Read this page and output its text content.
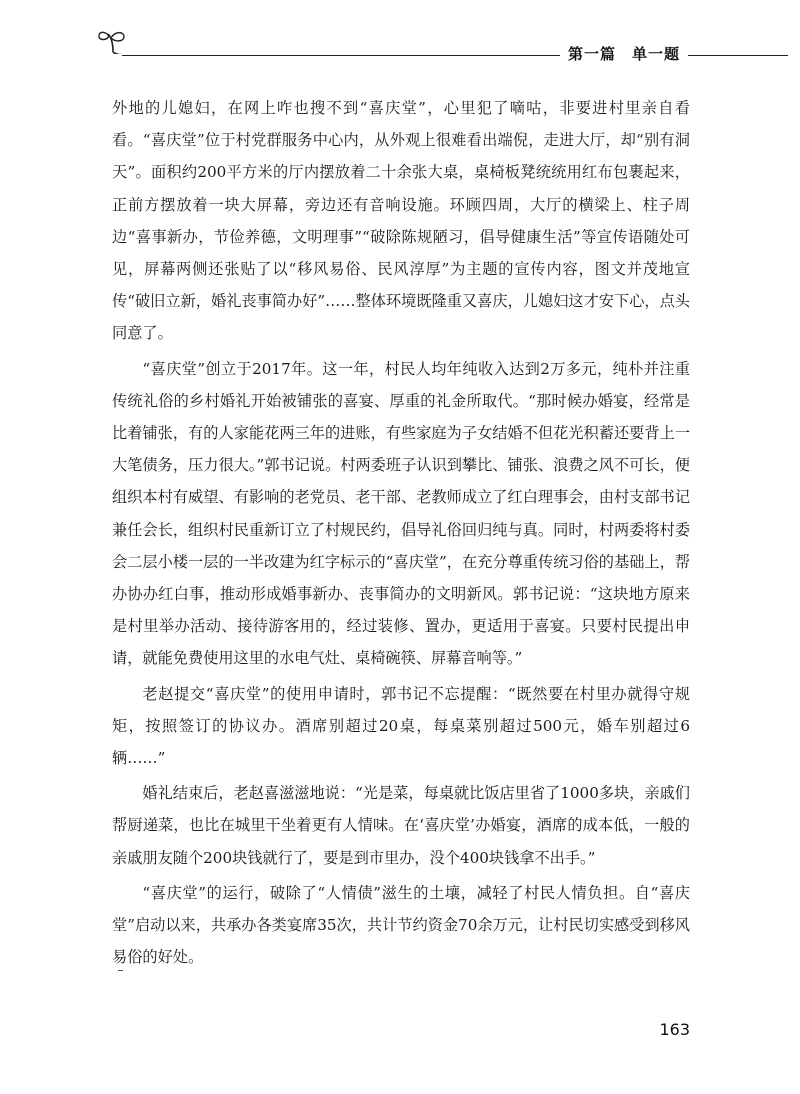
第一篇 单一题

外地的儿媳妇，在网上咋也搜不到“喜庆堂”，心里犯了嘀咕，非要进村里亲自看看。“喜庆堂”位于村党群服务中心内，从外观上很难看出端倪，走进大厅，却“别有洞天”。面积约200平方米的厅内摆放着二十余张大桌，桌椅板凳统统用红布包裹起来，正前方摆放着一块大屏幕，旁边还有音响设施。环顾四周，大厅的横梁上、柱子周边“喜事新办，节俭养德，文明理事”“破除陈规陋习，倡导健康生活”等宣传语随处可见，屏幕两侧还张贴了以“移风易俗、民风淳厚”为主题的宣传内容，图文并茂地宣传“破旧立新，婚礼丧事简办好”……整体环境既隆重又喜庆，儿媳妇这才安下心，点头同意了。

“喜庆堂”创立于2017年。这一年，村民人均年纯收入达到2万多元，纯朴并注重传统礼俗的乡村婚礼开始被铺张的喜宴、厚重的礼金所取代。“那时候办婚宴，经常是比着铺张，有的人家能花两三年的进账，有些家庭为子女结婚不但花光积蓄还要背上一大笔债务，压力很大。”郭书记说。村两委班子认识到攀比、铺张、浪费之风不可长，便组织本村有威望、有影响的老党员、老干部、老教师成立了红白理事会，由村支部书记兼任会长，组织村民重新订立了村规民约，倡导礼俗回归纯与真。同时，村两委将村委会二层小楼一层的一半改建为红字标示的“喜庆堂”，在充分尊重传统习俗的基础上，帮办协办红白事，推动形成婚事新办、丧事简办的文明新风。郭书记说：“这块地方原来是村里举办活动、接待游客用的，经过装修、置办，更适用于喜宴。只要村民提出申请，就能免费使用这里的水电气灶、桌椅碗筷、屏幕音响等。”

老赵提交“喜庆堂”的使用申请时，郭书记不忘提醒：“既然要在村里办就得守规矩，按照签订的协议办。酒席别超过20桌，每桌菜别超过500元，婚车别超过6辆……”

婚礼结束后，老赵喜滋滋地说：“光是菜，每桌就比饭店里省了1000多块，亲戚们帮厨递菜，也比在城里干坐着更有人情味。在‘喜庆堂’办婚宴，酒席的成本低，一般的亲戚朋友随个200块钱就行了，要是到市里办，没个400块钱拿不出手。”

“喜庆堂”的运行，破除了“人情债”滋生的土壤，减轻了村民人情负担。自“喜庆堂”启动以来，共承办各类宴席35次，共计节约资金70余万元，让村民切实感受到移风易俗的好处。

163
